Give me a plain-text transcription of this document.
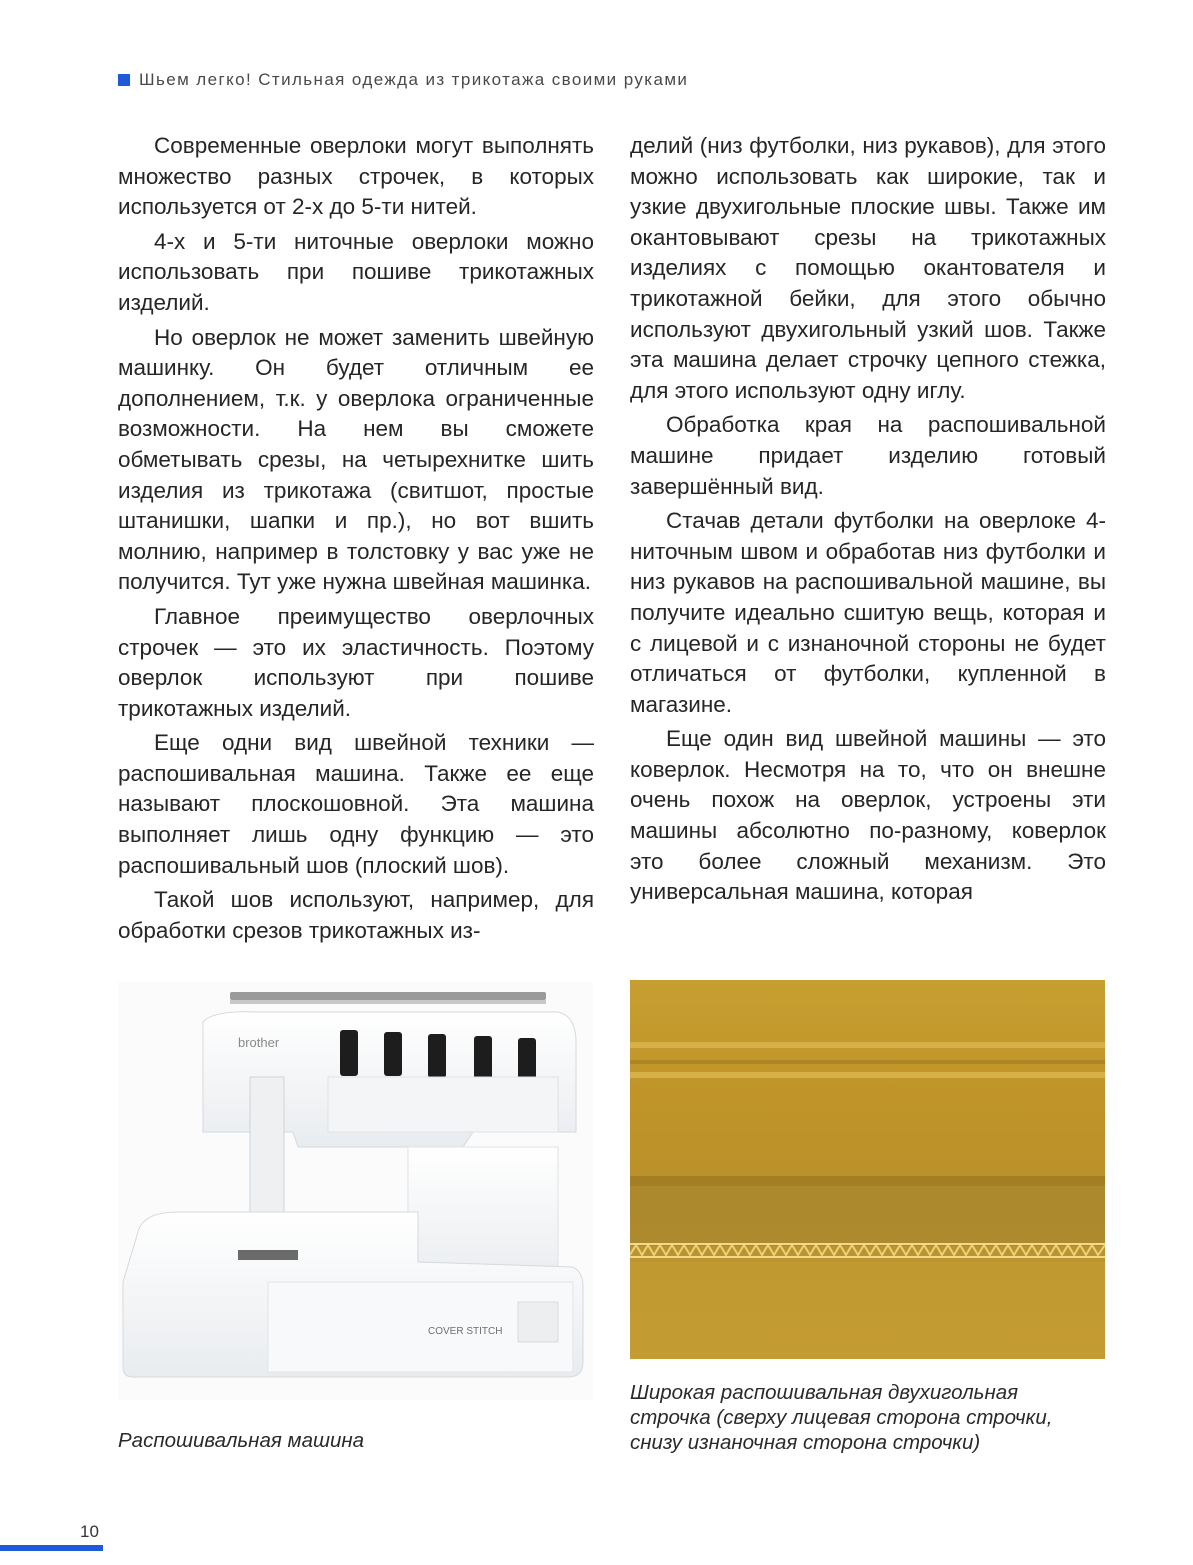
Шьем легко! Стильная одежда из трикотажа своими руками

Современные оверлоки могут выполнять множество разных строчек, в которых используется от 2-х до 5-ти нитей.

4-х и 5-ти ниточные оверлоки можно использовать при пошиве трикотажных изделий.

Но оверлок не может заменить швейную машинку. Он будет отличным ее дополнением, т.к. у оверлока ограниченные возможности. На нем вы сможете обметывать срезы, на четырехнитке шить изделия из трикотажа (свитшот, простые штанишки, шапки и пр.), но вот вшить молнию, например в толстовку у вас уже не получится. Тут уже нужна швейная машинка.

Главное преимущество оверлочных строчек — это их эластичность. Поэтому оверлок используют при пошиве трикотажных изделий.

Еще одни вид швейной техники — распошивальная машина. Также ее еще называют плоскошовной. Эта машина выполняет лишь одну функцию — это распошивальный шов (плоский шов).

Такой шов используют, например, для обработки срезов трикотажных из-

делий (низ футболки, низ рукавов), для этого можно использовать как широкие, так и узкие двухигольные плоские швы. Также им окантовывают срезы на трикотажных изделиях с помощью окантователя и трикотажной бейки, для этого обычно используют двухигольный узкий шов. Также эта машина делает строчку цепного стежка, для этого используют одну иглу.

Обработка края на распошивальной машине придает изделию готовый завершённый вид.

Стачав детали футболки на оверлоке 4-ниточным швом и обработав низ футболки и низ рукавов на распошивальной машине, вы получите идеально сшитую вещь, которая и с лицевой и с изнаночной стороны не будет отличаться от футболки, купленной в магазине.

Еще один вид швейной машины — это коверлок. Несмотря на то, что он внешне очень похож на оверлок, устроены эти машины абсолютно по-разному, коверлок это более сложный механизм. Это универсальная машина, которая

brother
COVER STITCH
Распошивальная машина
Широкая распошивальная двухигольная строчка (сверху лицевая сторона строчки, снизу изнаночная сторона строчки)
10
